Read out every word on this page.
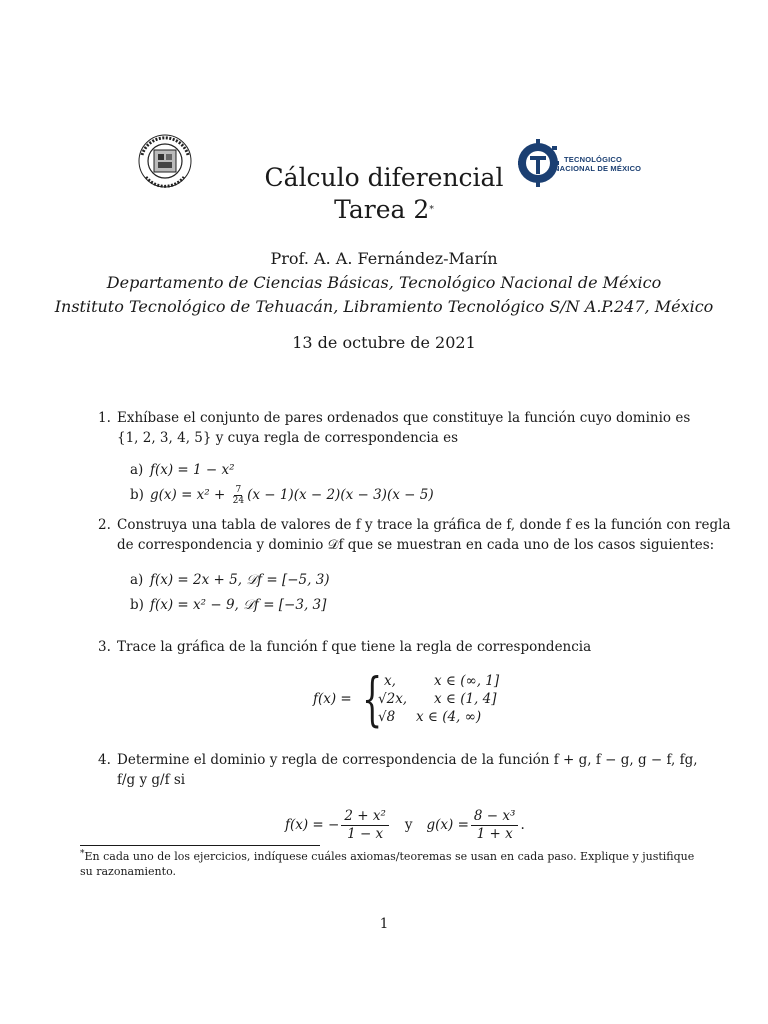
TECNOLÓGICO
NACIONAL DE MÉXICO
Cálculo diferencial
Tarea 2*
Prof. A. A. Fernández-Marín
Departamento de Ciencias Básicas, Tecnológico Nacional de México
Instituto Tecnológico de Tehuacán, Libramiento Tecnológico S/N A.P.247, México
13 de octubre de 2021
1. Exhíbase el conjunto de pares ordenados que constituye la función cuyo dominio es
{1, 2, 3, 4, 5} y cuya regla de correspondencia es
a) f(x) = 1 − x²
b) $g(x) = x^2 + \frac{7}{24} (x - 1)(x - 2)(x - 3)(x - 5)$
2. Construya una tabla de valores de f y trace la gráfica de f, donde f es la función con regla
de correspondencia y dominio 𝒟f que se muestran en cada uno de los casos siguientes:
a) f(x) = 2x + 5, 𝒟f = [−5, 3)
b) f(x) = x² − 9, 𝒟f = [−3, 3]
3. Trace la gráfica de la función f que tiene la regla de correspondencia
f(x) = { x,	x ∈ (∞, 1]
√2x, x ∈ (1, 4]
√8 x ∈ (4, ∞)
4. Determine el dominio y regla de correspondencia de la función f + g, f − g, g − f, fg,
f/g y g/f si
f(x) = − $\frac{\text{2 + x²}}{1 - x}$ y $g(x) = \frac{\text{8 − x³}}{1 + x}$ .
*En cada uno de los ejercicios, indíquese cuáles axiomas/teoremas se usan en cada paso. Explique y justifique
su razonamiento.
1
